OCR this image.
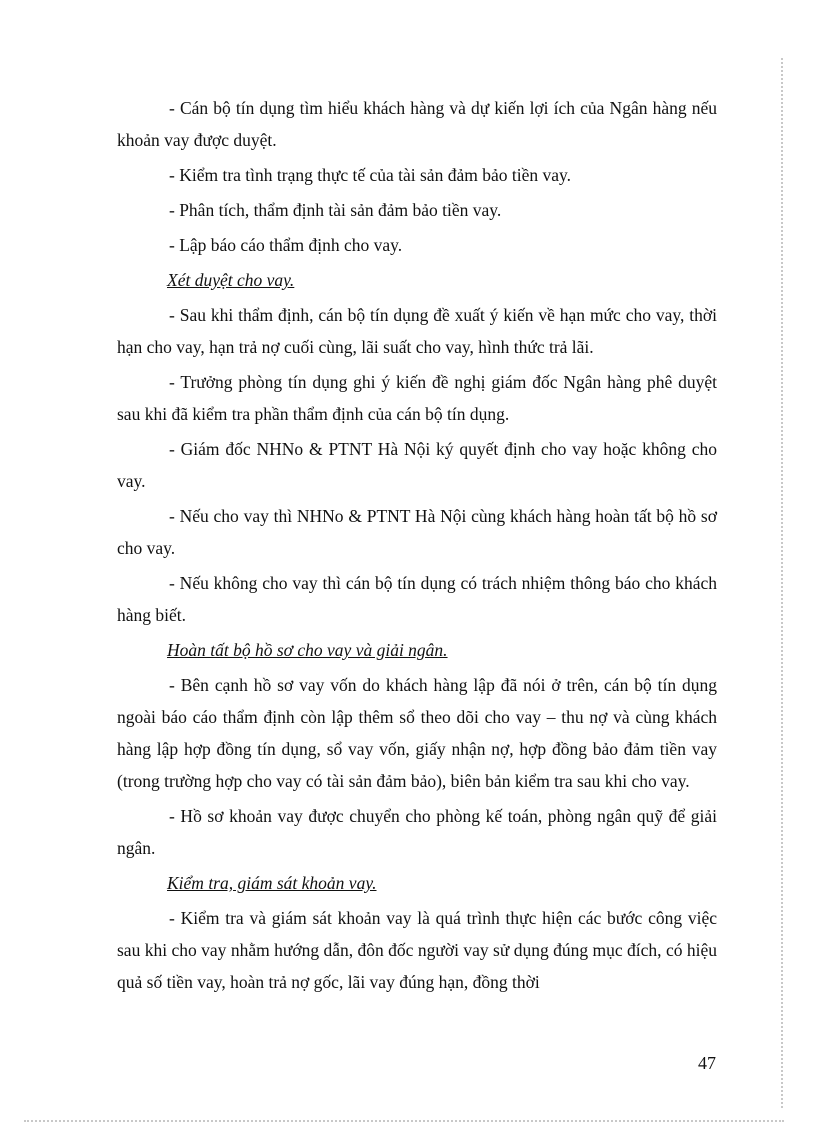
- Cán bộ tín dụng tìm hiểu khách hàng và dự kiến lợi ích của Ngân hàng nếu khoản vay được duyệt.

- Kiểm tra tình trạng thực tế của tài sản đảm bảo tiền vay.

- Phân tích, thẩm định tài sản đảm bảo tiền vay.

- Lập báo cáo thẩm định cho vay.

Xét duyệt cho vay.

- Sau khi thẩm định, cán bộ tín dụng đề xuất ý kiến về hạn mức cho vay, thời hạn cho vay, hạn trả nợ cuối cùng, lãi suất cho vay, hình thức trả lãi.

- Trưởng phòng tín dụng ghi ý kiến đề nghị giám đốc Ngân hàng phê duyệt sau khi đã kiểm tra phần thẩm định của cán bộ tín dụng.

- Giám đốc NHNo & PTNT Hà Nội ký quyết định cho vay hoặc không cho vay.

- Nếu cho vay thì NHNo & PTNT Hà Nội cùng khách hàng hoàn tất bộ hồ sơ cho vay.

- Nếu không cho vay thì cán bộ tín dụng có trách nhiệm thông báo cho khách hàng biết.

Hoàn tất bộ hồ sơ cho vay và giải ngân.

- Bên cạnh hồ sơ vay vốn do khách hàng lập đã nói ở trên, cán bộ tín dụng ngoài báo cáo thẩm định còn lập thêm sổ theo dõi cho vay – thu nợ và cùng khách hàng lập hợp đồng tín dụng, sổ vay vốn, giấy nhận nợ, hợp đồng bảo đảm tiền vay (trong trường hợp cho vay có tài sản đảm bảo), biên bản kiểm tra sau khi cho vay.

- Hồ sơ khoản vay được chuyển cho phòng kế toán, phòng ngân quỹ để giải ngân.

Kiểm tra, giám sát khoản vay.

- Kiểm tra và giám sát khoản vay là quá trình thực hiện các bước công việc sau khi cho vay nhằm hướng dẫn, đôn đốc người vay sử dụng đúng mục đích, có hiệu quả số tiền vay, hoàn trả nợ gốc, lãi vay đúng hạn, đồng thời

47
